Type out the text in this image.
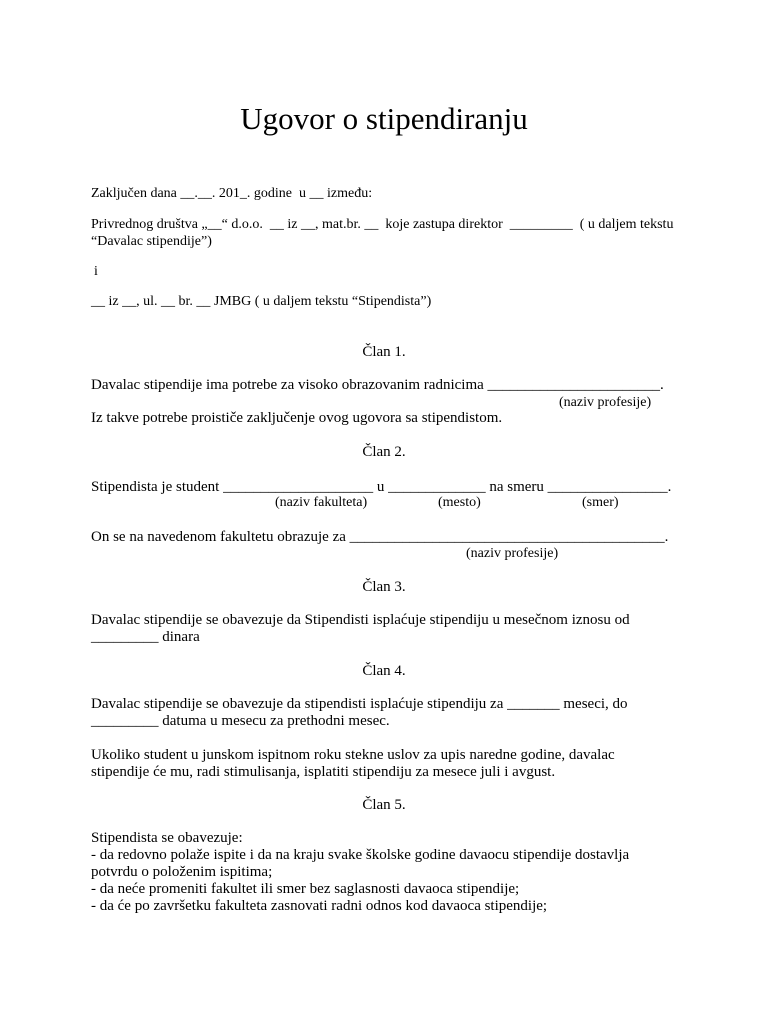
Ugovor o stipendiranju
Zaključen dana __.__. 201_. godine  u __ između:
Privrednog društva „__“ d.o.o.  __ iz __, mat.br. __  koje zastupa direktor  _________  ( u daljem tekstu
“Davalac stipendije”)
i
__ iz __, ul. __ br. __ JMBG ( u daljem tekstu “Stipendista”)
Član 1.
Davalac stipendije ima potrebe za visoko obrazovanim radnicima _______________________.
(naziv profesije)
Iz takve potrebe proističe zaključenje ovog ugovora sa stipendistom.
Član 2.
Stipendista je student ____________________ u _____________ na smeru ________________.
(naziv fakulteta)	(mesto)	(smer)
On se na navedenom fakultetu obrazuje za __________________________________________.
(naziv profesije)
Član 3.
Davalac stipendije se obavezuje da Stipendisti isplaćuje stipendiju u mesečnom iznosu od
_________ dinara
Član 4.
Davalac stipendije se obavezuje da stipendisti isplaćuje stipendiju za _______ meseci, do
_________ datuma u mesecu za prethodni mesec.
Ukoliko student u junskom ispitnom roku stekne uslov za upis naredne godine, davalac
stipendije će mu, radi stimulisanja, isplatiti stipendiju za mesece juli i avgust.
Član 5.
Stipendista se obavezuje:
- da redovno polaže ispite i da na kraju svake školske godine davaocu stipendije dostavlja
potvrdu o položenim ispitima;
- da neće promeniti fakultet ili smer bez saglasnosti davaoca stipendije;
- da će po završetku fakulteta zasnovati radni odnos kod davaoca stipendije;
